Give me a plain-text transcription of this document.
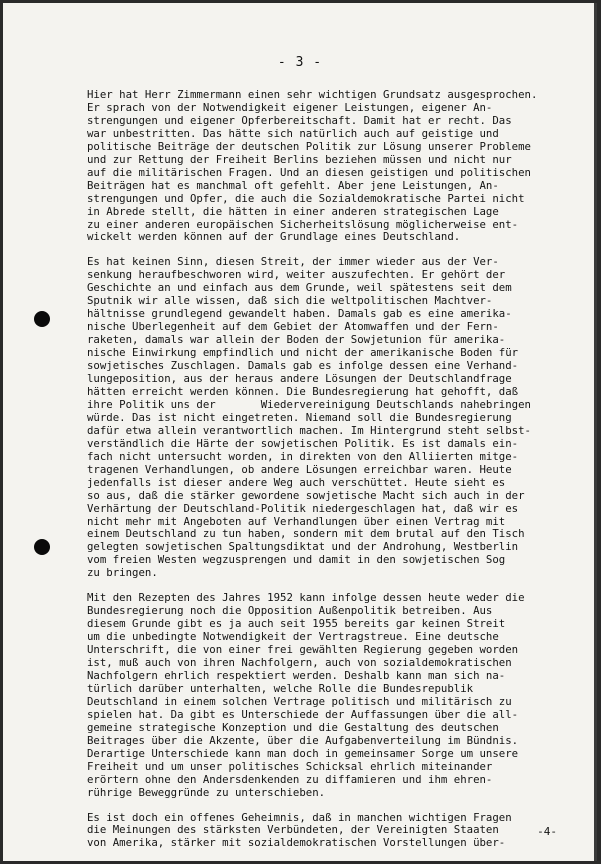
- 3 -
Hier hat Herr Zimmermann einen sehr wichtigen Grundsatz ausgesprochen.
Er sprach von der Notwendigkeit eigener Leistungen, eigener An-
strengungen und eigener Opferbereitschaft. Damit hat er recht. Das
war unbestritten. Das hätte sich natürlich auch auf geistige und
politische Beiträge der deutschen Politik zur Lösung unserer Probleme
und zur Rettung der Freiheit Berlins beziehen müssen und nicht nur
auf die militärischen Fragen. Und an diesen geistigen und politischen
Beiträgen hat es manchmal oft gefehlt. Aber jene Leistungen, An-
strengungen und Opfer, die auch die Sozialdemokratische Partei nicht
in Abrede stellt, die hätten in einer anderen strategischen Lage
zu einer anderen europäischen Sicherheitslösung möglicherweise ent-
wickelt werden können auf der Grundlage eines Deutschland.
Es hat keinen Sinn, diesen Streit, der immer wieder aus der Ver-
senkung heraufbeschworen wird, weiter auszufechten. Er gehört der
Geschichte an und einfach aus dem Grunde, weil spätestens seit dem
Sputnik wir alle wissen, daß sich die weltpolitischen Machtver-
hältnisse grundlegend gewandelt haben. Damals gab es eine amerika-
nische Überlegenheit auf dem Gebiet der Atomwaffen und der Fern-
raketen, damals war allein der Boden der Sowjetunion für amerika-
nische Einwirkung empfindlich und nicht der amerikanische Boden für
sowjetisches Zuschlagen. Damals gab es infolge dessen eine Verhand-
lungeposition, aus der heraus andere Lösungen der Deutschlandfrage
hätten erreicht werden können. Die Bundesregierung hat gehofft, daß
ihre Politik uns der       Wiedervereinigung Deutschlands nahebringen
würde. Das ist nicht eingetreten. Niemand soll die Bundesregierung
dafür etwa allein verantwortlich machen. Im Hintergrund steht selbst-
verständlich die Härte der sowjetischen Politik. Es ist damals ein-
fach nicht untersucht worden, in direkten von den Alliierten mitge-
tragenen Verhandlungen, ob andere Lösungen erreichbar waren. Heute
jedenfalls ist dieser andere Weg auch verschüttet. Heute sieht es
so aus, daß die stärker gewordene sowjetische Macht sich auch in der
Verhärtung der Deutschland-Politik niedergeschlagen hat, daß wir es
nicht mehr mit Angeboten auf Verhandlungen über einen Vertrag mit
einem Deutschland zu tun haben, sondern mit dem brutal auf den Tisch
gelegten sowjetischen Spaltungsdiktat und der Androhung, Westberlin
vom freien Westen wegzusprengen und damit in den sowjetischen Sog
zu bringen.
Mit den Rezepten des Jahres 1952 kann infolge dessen heute weder die
Bundesregierung noch die Opposition Außenpolitik betreiben. Aus
diesem Grunde gibt es ja auch seit 1955 bereits gar keinen Streit
um die unbedingte Notwendigkeit der Vertragstreue. Eine deutsche
Unterschrift, die von einer frei gewählten Regierung gegeben worden
ist, muß auch von ihren Nachfolgern, auch von sozialdemokratischen
Nachfolgern ehrlich respektiert werden. Deshalb kann man sich na-
türlich darüber unterhalten, welche Rolle die Bundesrepublik
Deutschland in einem solchen Vertrage politisch und militärisch zu
spielen hat. Da gibt es Unterschiede der Auffassungen über die all-
gemeine strategische Konzeption und die Gestaltung des deutschen
Beitrages über die Akzente, über die Aufgabenverteilung im Bündnis.
Derartige Unterschiede kann man doch in gemeinsamer Sorge um unsere
Freiheit und um unser politisches Schicksal ehrlich miteinander
erörtern ohne den Andersdenkenden zu diffamieren und ihm ehren-
rührige Beweggründe zu unterschieben.
Es ist doch ein offenes Geheimnis, daß in manchen wichtigen Fragen
die Meinungen des stärksten Verbündeten, der Vereinigten Staaten
von Amerika, stärker mit sozialdemokratischen Vorstellungen über-
-4-
